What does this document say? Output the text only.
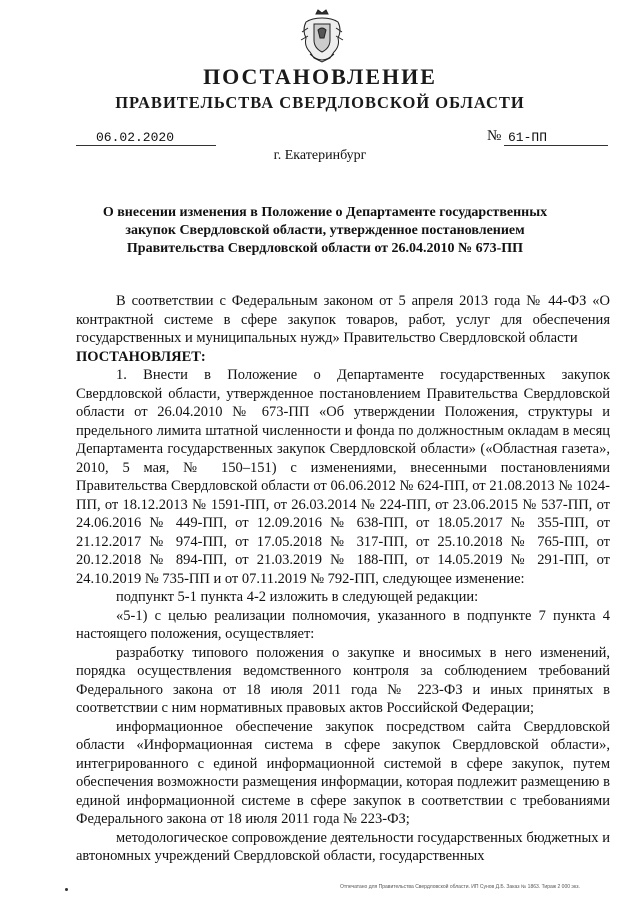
ПОСТАНОВЛЕНИЕ
ПРАВИТЕЛЬСТВА СВЕРДЛОВСКОЙ ОБЛАСТИ
06.02.2020	№ 61-ПП
г. Екатеринбург
О внесении изменения в Положение о Департаменте государственных закупок Свердловской области, утвержденное постановлением Правительства Свердловской области от 26.04.2010 № 673-ПП

В соответствии с Федеральным законом от 5 апреля 2013 года № 44-ФЗ «О контрактной системе в сфере закупок товаров, работ, услуг для обеспечения государственных и муниципальных нужд» Правительство Свердловской области

ПОСТАНОВЛЯЕТ:

1. Внести в Положение о Департаменте государственных закупок Свердловской области, утвержденное постановлением Правительства Свердловской области от 26.04.2010 № 673-ПП «Об утверждении Положения, структуры и предельного лимита штатной численности и фонда по должностным окладам в месяц Департамента государственных закупок Свердловской области» («Областная газета», 2010, 5 мая, № 150–151) с изменениями, внесенными постановлениями Правительства Свердловской области от 06.06.2012 № 624-ПП, от 21.08.2013 № 1024-ПП, от 18.12.2013 № 1591-ПП, от 26.03.2014 № 224-ПП, от 23.06.2015 № 537-ПП, от 24.06.2016 № 449-ПП, от 12.09.2016 № 638-ПП, от 18.05.2017 № 355-ПП, от 21.12.2017 № 974-ПП, от 17.05.2018 № 317-ПП, от 25.10.2018 № 765-ПП, от 20.12.2018 № 894-ПП, от 21.03.2019 № 188-ПП, от 14.05.2019 № 291-ПП, от 24.10.2019 № 735-ПП и от 07.11.2019 № 792-ПП, следующее изменение:

подпункт 5-1 пункта 4-2 изложить в следующей редакции:

«5-1) с целью реализации полномочия, указанного в подпункте 7 пункта 4 настоящего положения, осуществляет:

разработку типового положения о закупке и вносимых в него изменений, порядка осуществления ведомственного контроля за соблюдением требований Федерального закона от 18 июля 2011 года № 223-ФЗ и иных принятых в соответствии с ним нормативных правовых актов Российской Федерации;

информационное обеспечение закупок посредством сайта Свердловской области «Информационная система в сфере закупок Свердловской области», интегрированного с единой информационной системой в сфере закупок, путем обеспечения возможности размещения информации, которая подлежит размещению в единой информационной системе в сфере закупок в соответствии с требованиями Федерального закона от 18 июля 2011 года № 223-ФЗ;

методологическое сопровождение деятельности государственных бюджетных и автономных учреждений Свердловской области, государственных

Отпечатано для Правительства Свердловской области. ИП Сунов Д.Б. Заказ № 1863. Тираж 2 000 экз.
